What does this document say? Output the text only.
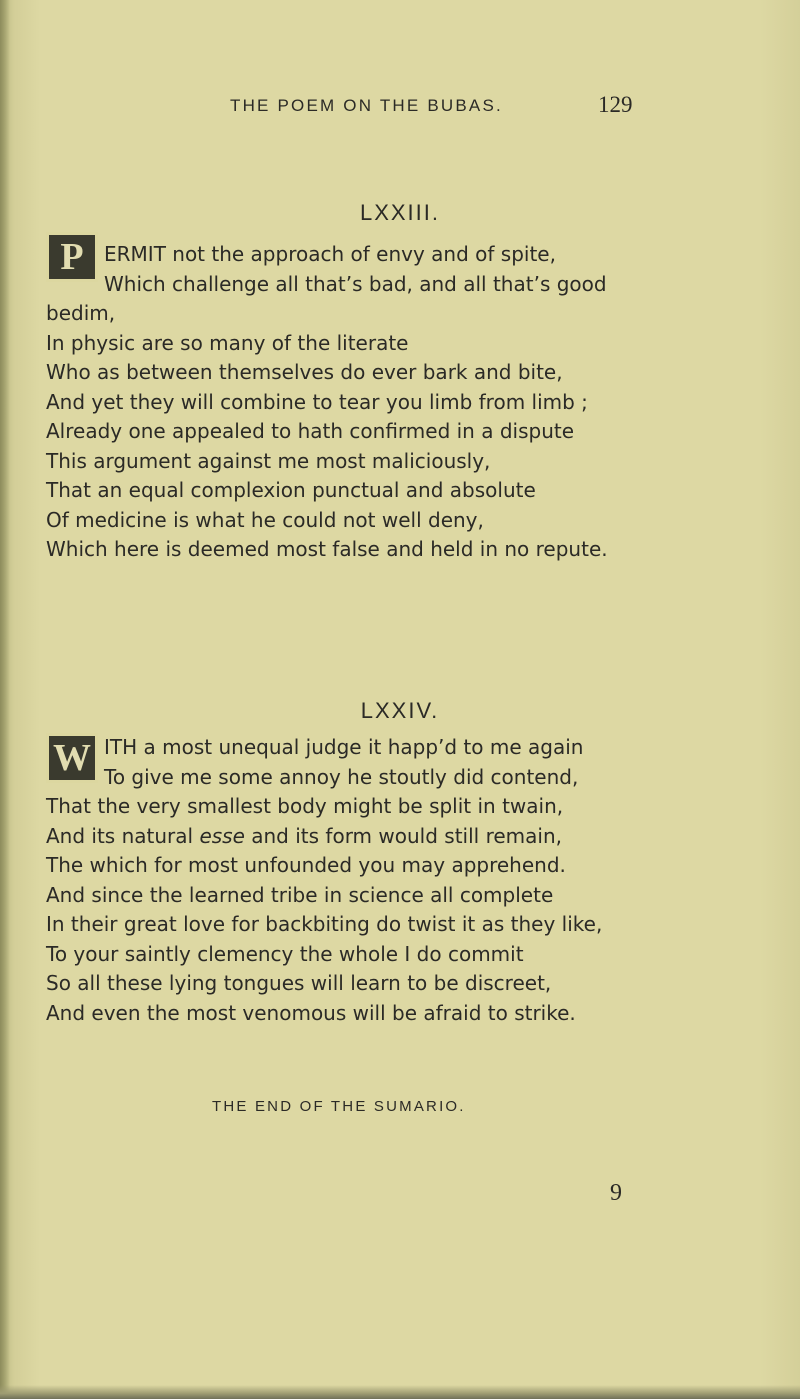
THE POEM ON THE BUBAS.	129
LXXIII.
P	ERMIT not the approach of envy and of spite,
Which challenge all that’s bad, and all that’s good
bedim,
In physic are so many of the literate
Who as between themselves do ever bark and bite,
And yet they will combine to tear you limb from limb ;
Already one appealed to hath confirmed in a dispute
This argument against me most maliciously,
That an equal complexion punctual and absolute
Of medicine is what he could not well deny,
Which here is deemed most false and held in no repute.
LXXIV.
W ITH a most unequal judge it happ’d to me again
To give me some annoy he stoutly did contend,
That the very smallest body might be split in twain,
And its natural esse and its form would still remain,
The which for most unfounded you may apprehend.
And since the learned tribe in science all complete
In their great love for backbiting do twist it as they like,
To your saintly clemency the whole I do commit
So all these lying tongues will learn to be discreet,
And even the most venomous will be afraid to strike.
THE END OF THE SUMARIO.
9
